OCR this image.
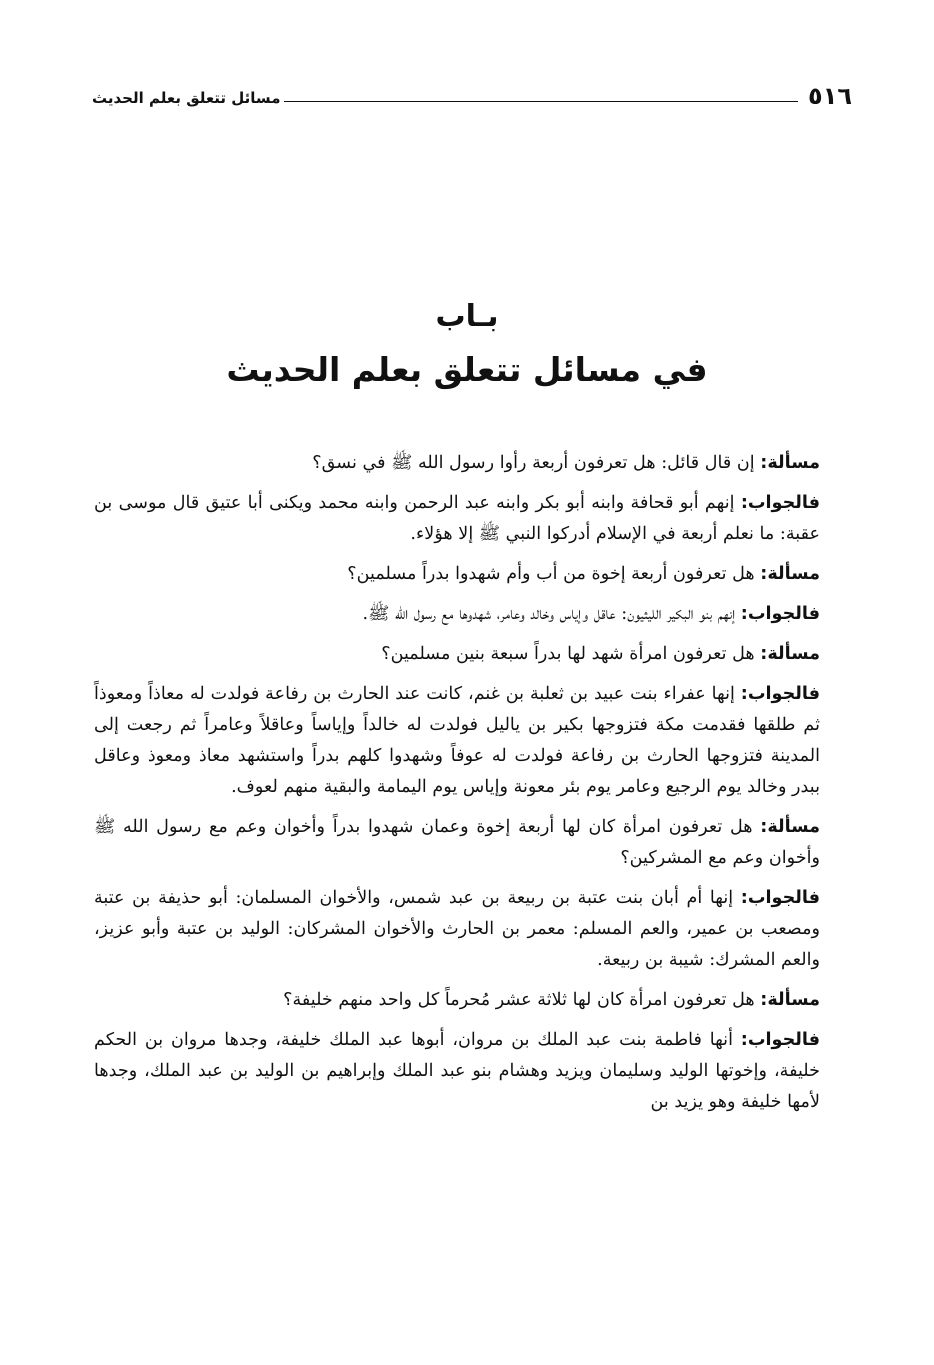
٥١٦
مسائل تتعلق بعلم الحديث
بـاب
في مسائل تتعلق بعلم الحديث

مسألة: إن قال قائل: هل تعرفون أربعة رأوا رسول الله ﷺ في نسق؟

فالجواب: إنهم أبو قحافة وابنه أبو بكر وابنه عبد الرحمن وابنه محمد ويكنى أبا عتيق قال موسى بن عقبة: ما نعلم أربعة في الإسلام أدركوا النبي ﷺ إلا هؤلاء.

مسألة: هل تعرفون أربعة إخوة من أب وأم شهدوا بدراً مسلمين؟

فالجواب: إنهم بنو البكير الليثيون: عاقل وإياس وخالد وعامر، شهدوها مع رسول الله ﷺ.

مسألة: هل تعرفون امرأة شهد لها بدراً سبعة بنين مسلمين؟

فالجواب: إنها عفراء بنت عبيد بن ثعلبة بن غنم، كانت عند الحارث بن رفاعة فولدت له معاذاً ومعوذاً ثم طلقها فقدمت مكة فتزوجها بكير بن ياليل فولدت له خالداً وإياساً وعاقلاً وعامراً ثم رجعت إلى المدينة فتزوجها الحارث بن رفاعة فولدت له عوفاً وشهدوا كلهم بدراً واستشهد معاذ ومعوذ وعاقل ببدر وخالد يوم الرجيع وعامر يوم بئر معونة وإياس يوم اليمامة والبقية منهم لعوف.

مسألة: هل تعرفون امرأة كان لها أربعة إخوة وعمان شهدوا بدراً وأخوان وعم مع رسول الله ﷺ وأخوان وعم مع المشركين؟

فالجواب: إنها أم أبان بنت عتبة بن ربيعة بن عبد شمس، والأخوان المسلمان: أبو حذيفة بن عتبة ومصعب بن عمير، والعم المسلم: معمر بن الحارث والأخوان المشركان: الوليد بن عتبة وأبو عزيز، والعم المشرك: شيبة بن ربيعة.

مسألة: هل تعرفون امرأة كان لها ثلاثة عشر مُحرماً كل واحد منهم خليفة؟

فالجواب: أنها فاطمة بنت عبد الملك بن مروان، أبوها عبد الملك خليفة، وجدها مروان بن الحكم خليفة، وإخوتها الوليد وسليمان ويزيد وهشام بنو عبد الملك وإبراهيم بن الوليد بن عبد الملك، وجدها لأمها خليفة وهو يزيد بن
